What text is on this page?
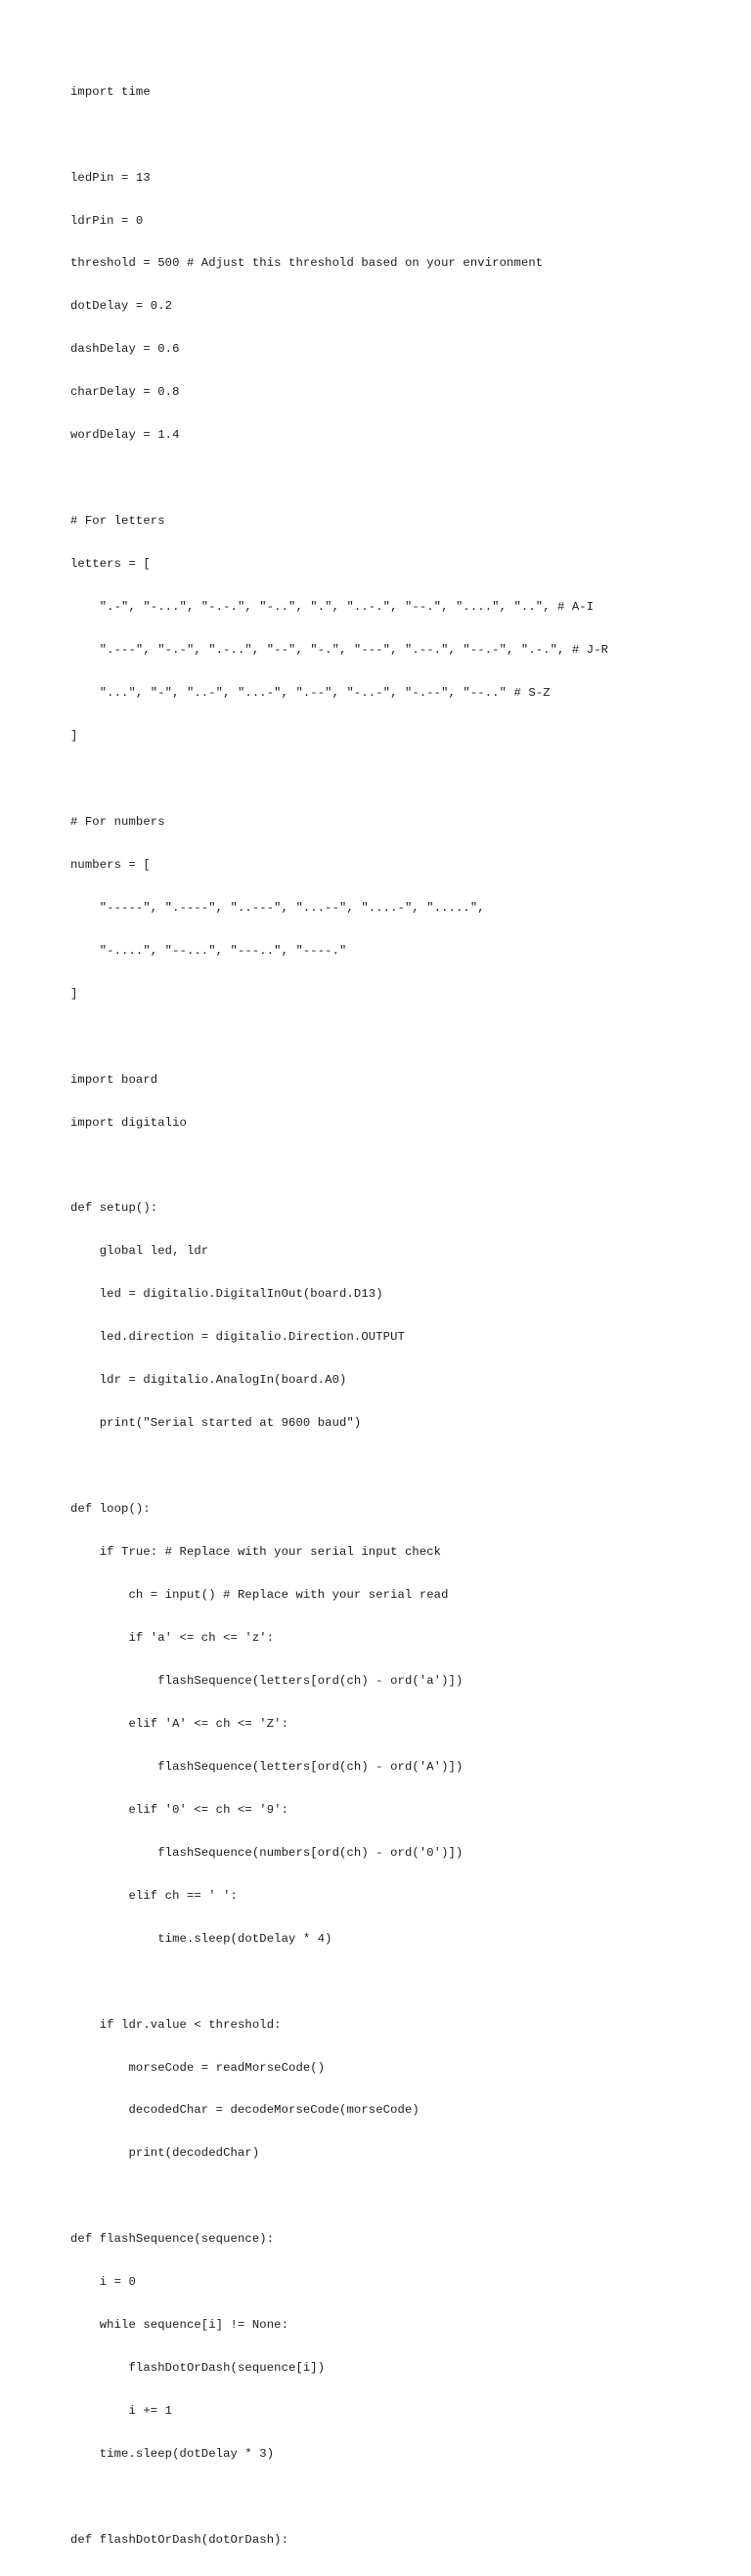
import time

ledPin = 13

ldrPin = 0

threshold = 500 # Adjust this threshold based on your environment

dotDelay = 0.2

dashDelay = 0.6

charDelay = 0.8

wordDelay = 1.4

# For letters

letters = [

".-", "-...", "-.-.", "-..", ".", "..-.", "--.", "....", "..", # A-I

".---", "-.-", ".-..", "--", "-.", "---", ".--.", "--.-", ".-.", # J-R

"...", "-", "..-", "...-", ".--", "-..-", "-.--", "--.." # S-Z

]

# For numbers

numbers = [

"-----", ".----", "..---", "...--", "....-", ".....",

"-....", "--...", "---..", "----."

]

import board

import digitalio

def setup():

global led, ldr

led = digitalio.DigitalInOut(board.D13)

led.direction = digitalio.Direction.OUTPUT

ldr = digitalio.AnalogIn(board.A0)

print("Serial started at 9600 baud")

def loop():

if True: # Replace with your serial input check

ch = input() # Replace with your serial read

if 'a' <= ch <= 'z':

flashSequence(letters[ord(ch) - ord('a')])

elif 'A' <= ch <= 'Z':

flashSequence(letters[ord(ch) - ord('A')])

elif '0' <= ch <= '9':

flashSequence(numbers[ord(ch) - ord('0')])

elif ch == ' ':

time.sleep(dotDelay * 4)

if ldr.value < threshold:

morseCode = readMorseCode()

decodedChar = decodeMorseCode(morseCode)

print(decodedChar)

def flashSequence(sequence):

i = 0

while sequence[i] != None:

flashDotOrDash(sequence[i])

i += 1

time.sleep(dotDelay * 3)

def flashDotOrDash(dotOrDash):
